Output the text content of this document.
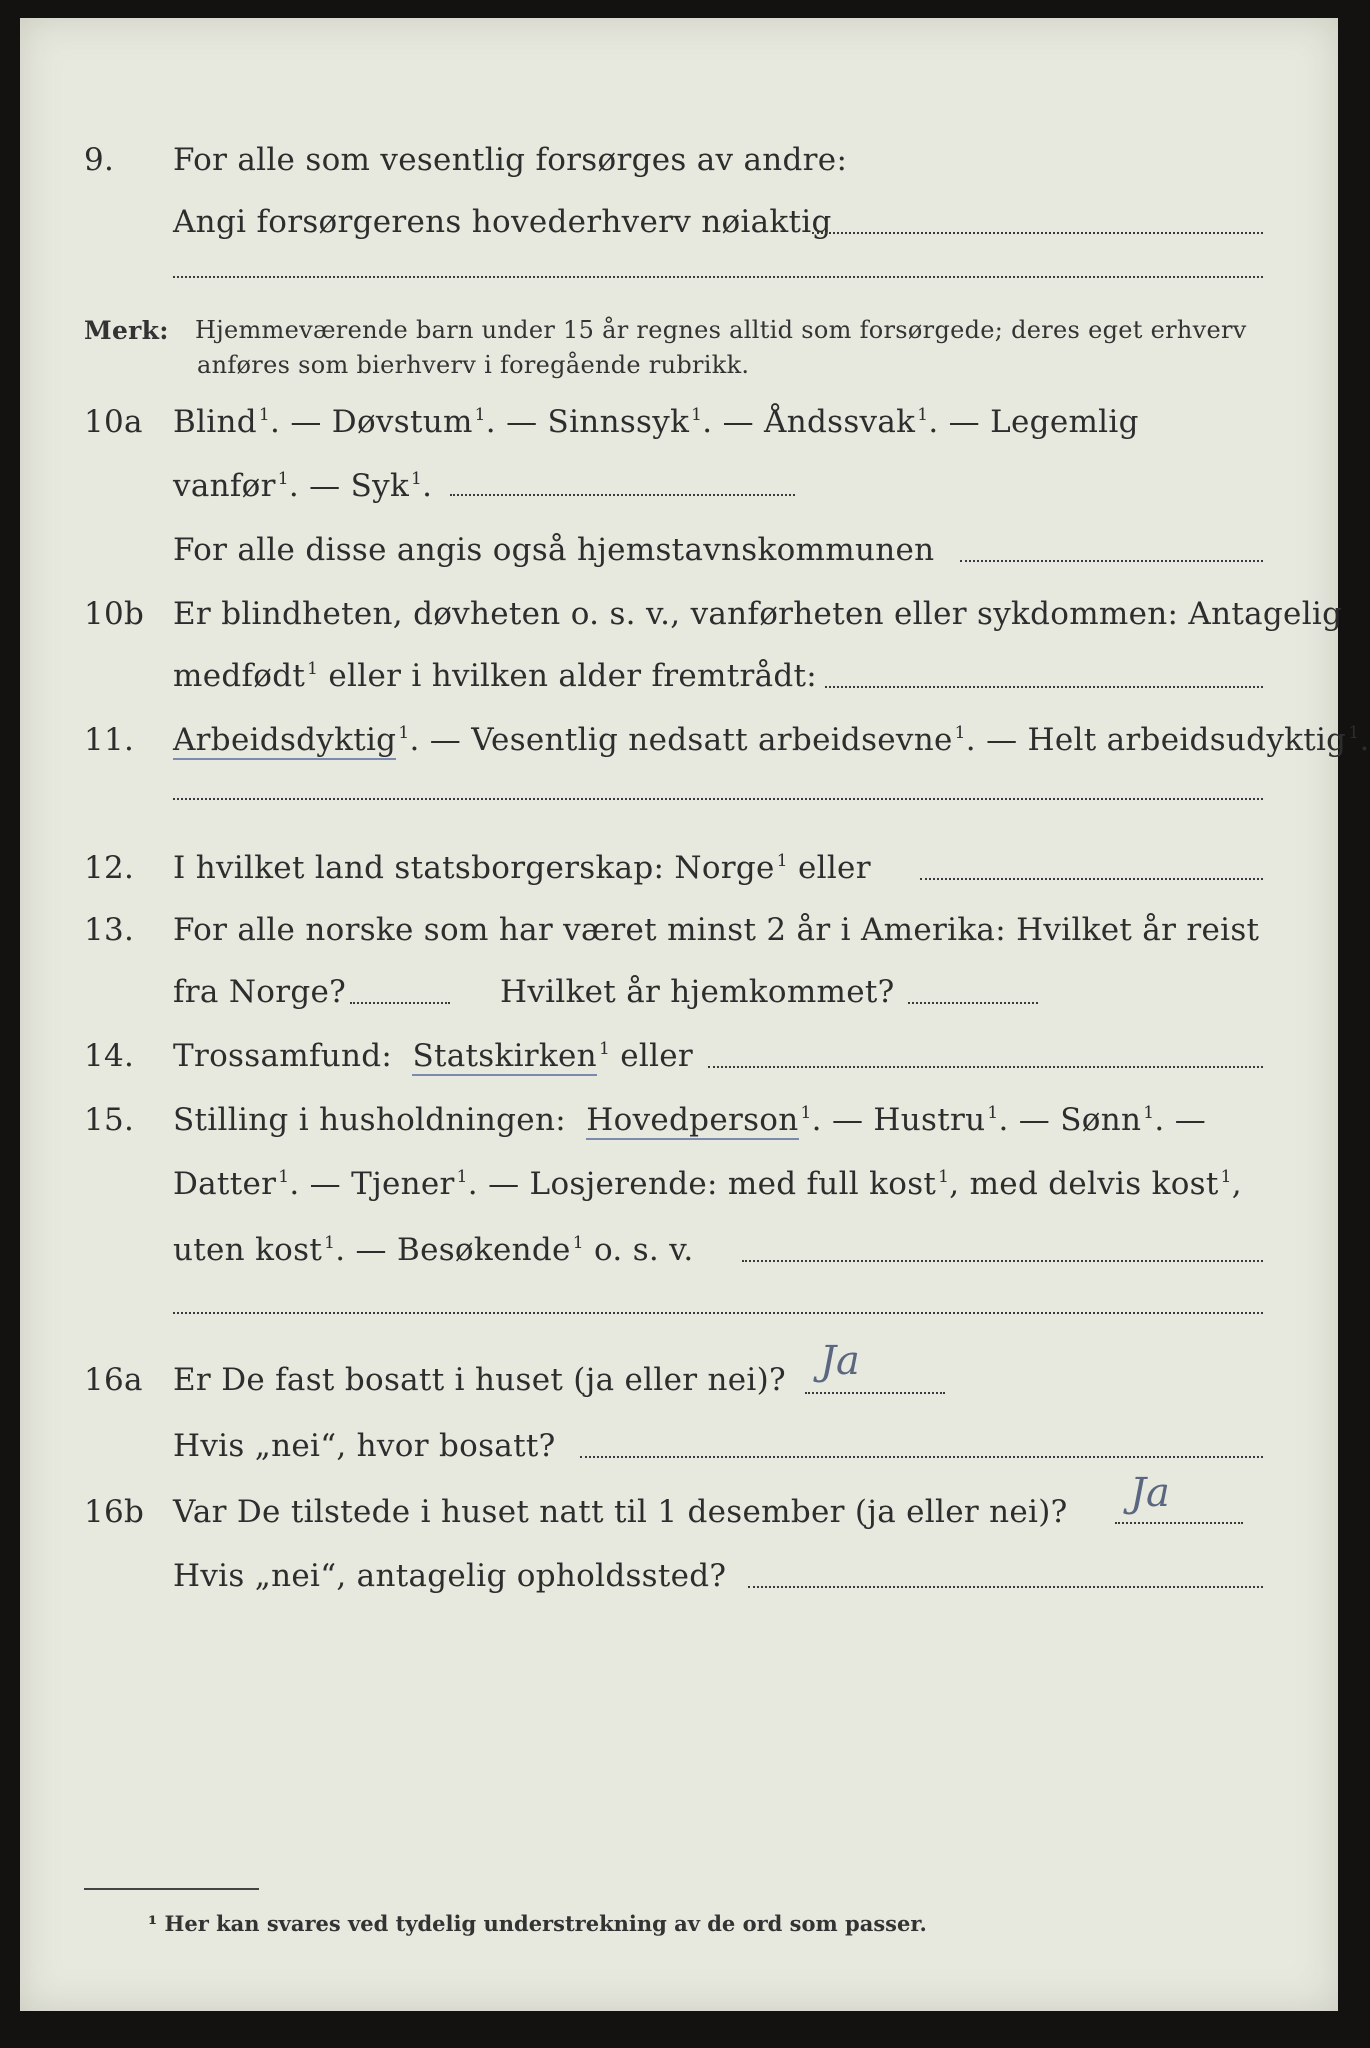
9. For alle som vesentlig forsørges av andre:
Angi forsørgerens hovederhverv nøiaktig
Merk: Hjemmeværende barn under 15 år regnes alltid som forsørgede; deres eget erhverv
anføres som bierhverv i foregående rubrikk.
10a Blind $^1$. — Døvstum $^1$. — Sinnssyk $^1$. — Åndssvak $^1$. — Legemlig
vanfør $^1$. — Syk $^1$.
For alle disse angis også hjemstavnskommunen
10b Er blindheten, døvheten o. s. v., vanførheten eller sykdommen: Antagelig
medfødt $^1$ eller i hvilken alder fremtrådt:
11. Arbeidsdyktig $^1$. — Vesentlig nedsatt arbeidsevne $^1$. — Helt arbeidsudyktig $^1$.
12. I hvilket land statsborgerskap: Norge $^1$ eller
13. For alle norske som har været minst 2 år i Amerika: Hvilket år reist
fra Norge?	Hvilket år hjemkommet?
14. Trossamfund: Statskirken $^1$ eller
15. Stilling i husholdningen: Hovedperson $^1$. — Hustru $^1$. — Sønn $^1$. —
Datter $^1$. — Tjener $^1$. — Losjerende: med full kost $^1$, med delvis kost $^1$,
uten kost $^1$. — Besøkende $^1$ o. s. v.
16a Er De fast bosatt i huset (ja eller nei)? Ja
Hvis „nei“, hvor bosatt?
16b Var De tilstede i huset natt til 1 desember (ja eller nei)? Ja
Hvis „nei“, antagelig opholdssted?
¹ Her kan svares ved tydelig understrekning av de ord som passer.
